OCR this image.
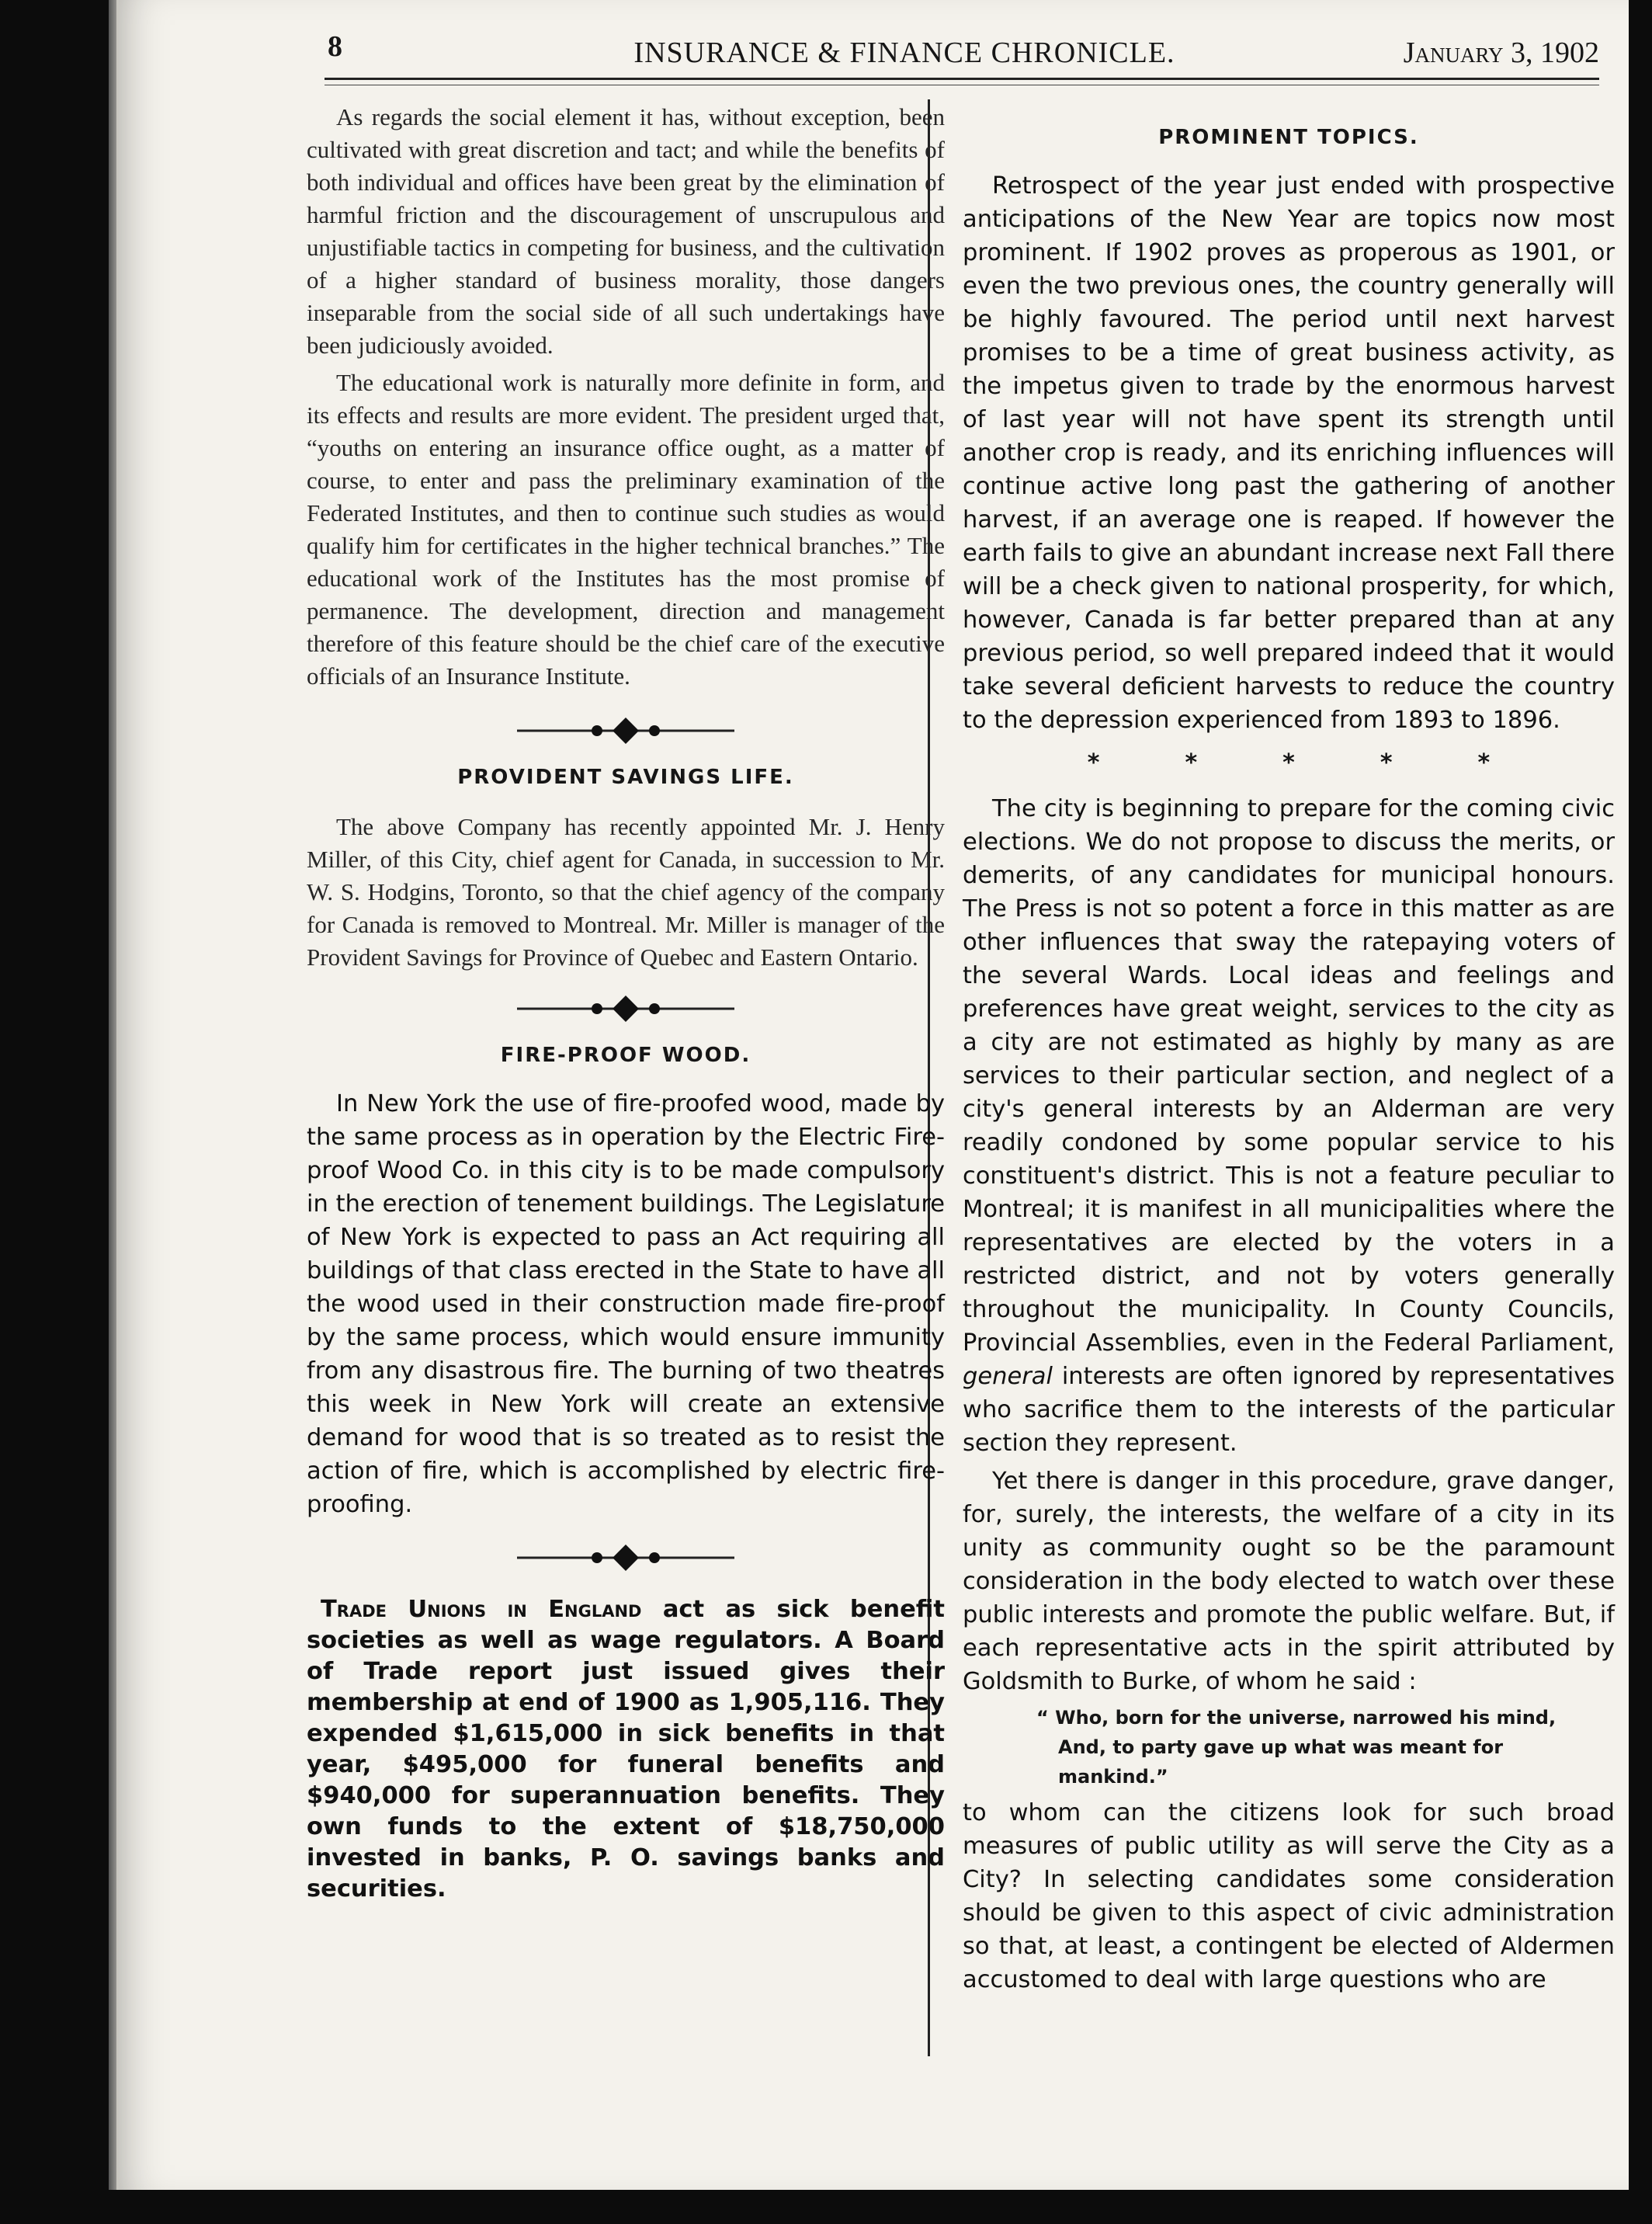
8	INSURANCE & FINANCE CHRONICLE.	January 3, 1902

As regards the social element it has, without exception, been cultivated with great discretion and tact; and while the benefits of both individual and offices have been great by the elimination of harmful friction and the discouragement of unscrupulous and unjustifiable tactics in competing for business, and the cultivation of a higher standard of business morality, those dangers inseparable from the social side of all such undertakings have been judiciously avoided.

The educational work is naturally more definite in form, and its effects and results are more evident. The president urged that, “youths on entering an insurance office ought, as a matter of course, to enter and pass the preliminary examination of the Federated Institutes, and then to continue such studies as would qualify him for certificates in the higher technical branches.” The educational work of the Institutes has the most promise of permanence. The development, direction and management therefore of this feature should be the chief care of the executive officials of an Insurance Institute.

PROVIDENT SAVINGS LIFE.

The above Company has recently appointed Mr. J. Henry Miller, of this City, chief agent for Canada, in succession to Mr. W. S. Hodgins, Toronto, so that the chief agency of the company for Canada is removed to Montreal. Mr. Miller is manager of the Provident Savings for Province of Quebec and Eastern Ontario.

FIRE-PROOF WOOD.

In New York the use of fire-proofed wood, made by the same process as in operation by the Electric Fire-proof Wood Co. in this city is to be made compulsory in the erection of tenement buildings. The Legislature of New York is expected to pass an Act requiring all buildings of that class erected in the State to have all the wood used in their construction made fire-proof by the same process, which would ensure immunity from any disastrous fire. The burning of two theatres this week in New York will create an extensive demand for wood that is so treated as to resist the action of fire, which is accomplished by electric fire-proofing.

Trade Unions in England act as sick benefit societies as well as wage regulators. A Board of Trade report just issued gives their membership at end of 1900 as 1,905,116. They expended $1,615,000 in sick benefits in that year, $495,000 for funeral benefits and $940,000 for superannuation benefits. They own funds to the extent of $18,750,000 invested in banks, P. O. savings banks and securities.

PROMINENT TOPICS.

Retrospect of the year just ended with prospective anticipations of the New Year are topics now most prominent. If 1902 proves as properous as 1901, or even the two previous ones, the country generally will be highly favoured. The period until next harvest promises to be a time of great business activity, as the impetus given to trade by the enormous harvest of last year will not have spent its strength until another crop is ready, and its enriching influences will continue active long past the gathering of another harvest, if an average one is reaped. If however the earth fails to give an abundant increase next Fall there will be a check given to national prosperity, for which, however, Canada is far better prepared than at any previous period, so well prepared indeed that it would take several deficient harvests to reduce the country to the depression experienced from 1893 to 1896.

*	*	*	*	*

The city is beginning to prepare for the coming civic elections. We do not propose to discuss the merits, or demerits, of any candidates for municipal honours. The Press is not so potent a force in this matter as are other influences that sway the ratepaying voters of the several Wards. Local ideas and feelings and preferences have great weight, services to the city as a city are not estimated as highly by many as are services to their particular section, and neglect of a city's general interests by an Alderman are very readily condoned by some popular service to his constituent's district. This is not a feature peculiar to Montreal; it is manifest in all municipalities where the representatives are elected by the voters in a restricted district, and not by voters generally throughout the municipality. In County Councils, Provincial Assemblies, even in the Federal Parliament, general interests are often ignored by representatives who sacrifice them to the interests of the particular section they represent.

Yet there is danger in this procedure, grave danger, for, surely, the interests, the welfare of a city in its unity as community ought so be the paramount consideration in the body elected to watch over these public interests and promote the public welfare. But, if each representative acts in the spirit attributed by Goldsmith to Burke, of whom he said :

“ Who, born for the universe, narrowed his mind,

And, to party gave up what was meant for mankind.”

to whom can the citizens look for such broad measures of public utility as will serve the City as a City? In selecting candidates some consideration should be given to this aspect of civic administration so that, at least, a contingent be elected of Aldermen accustomed to deal with large questions who are
